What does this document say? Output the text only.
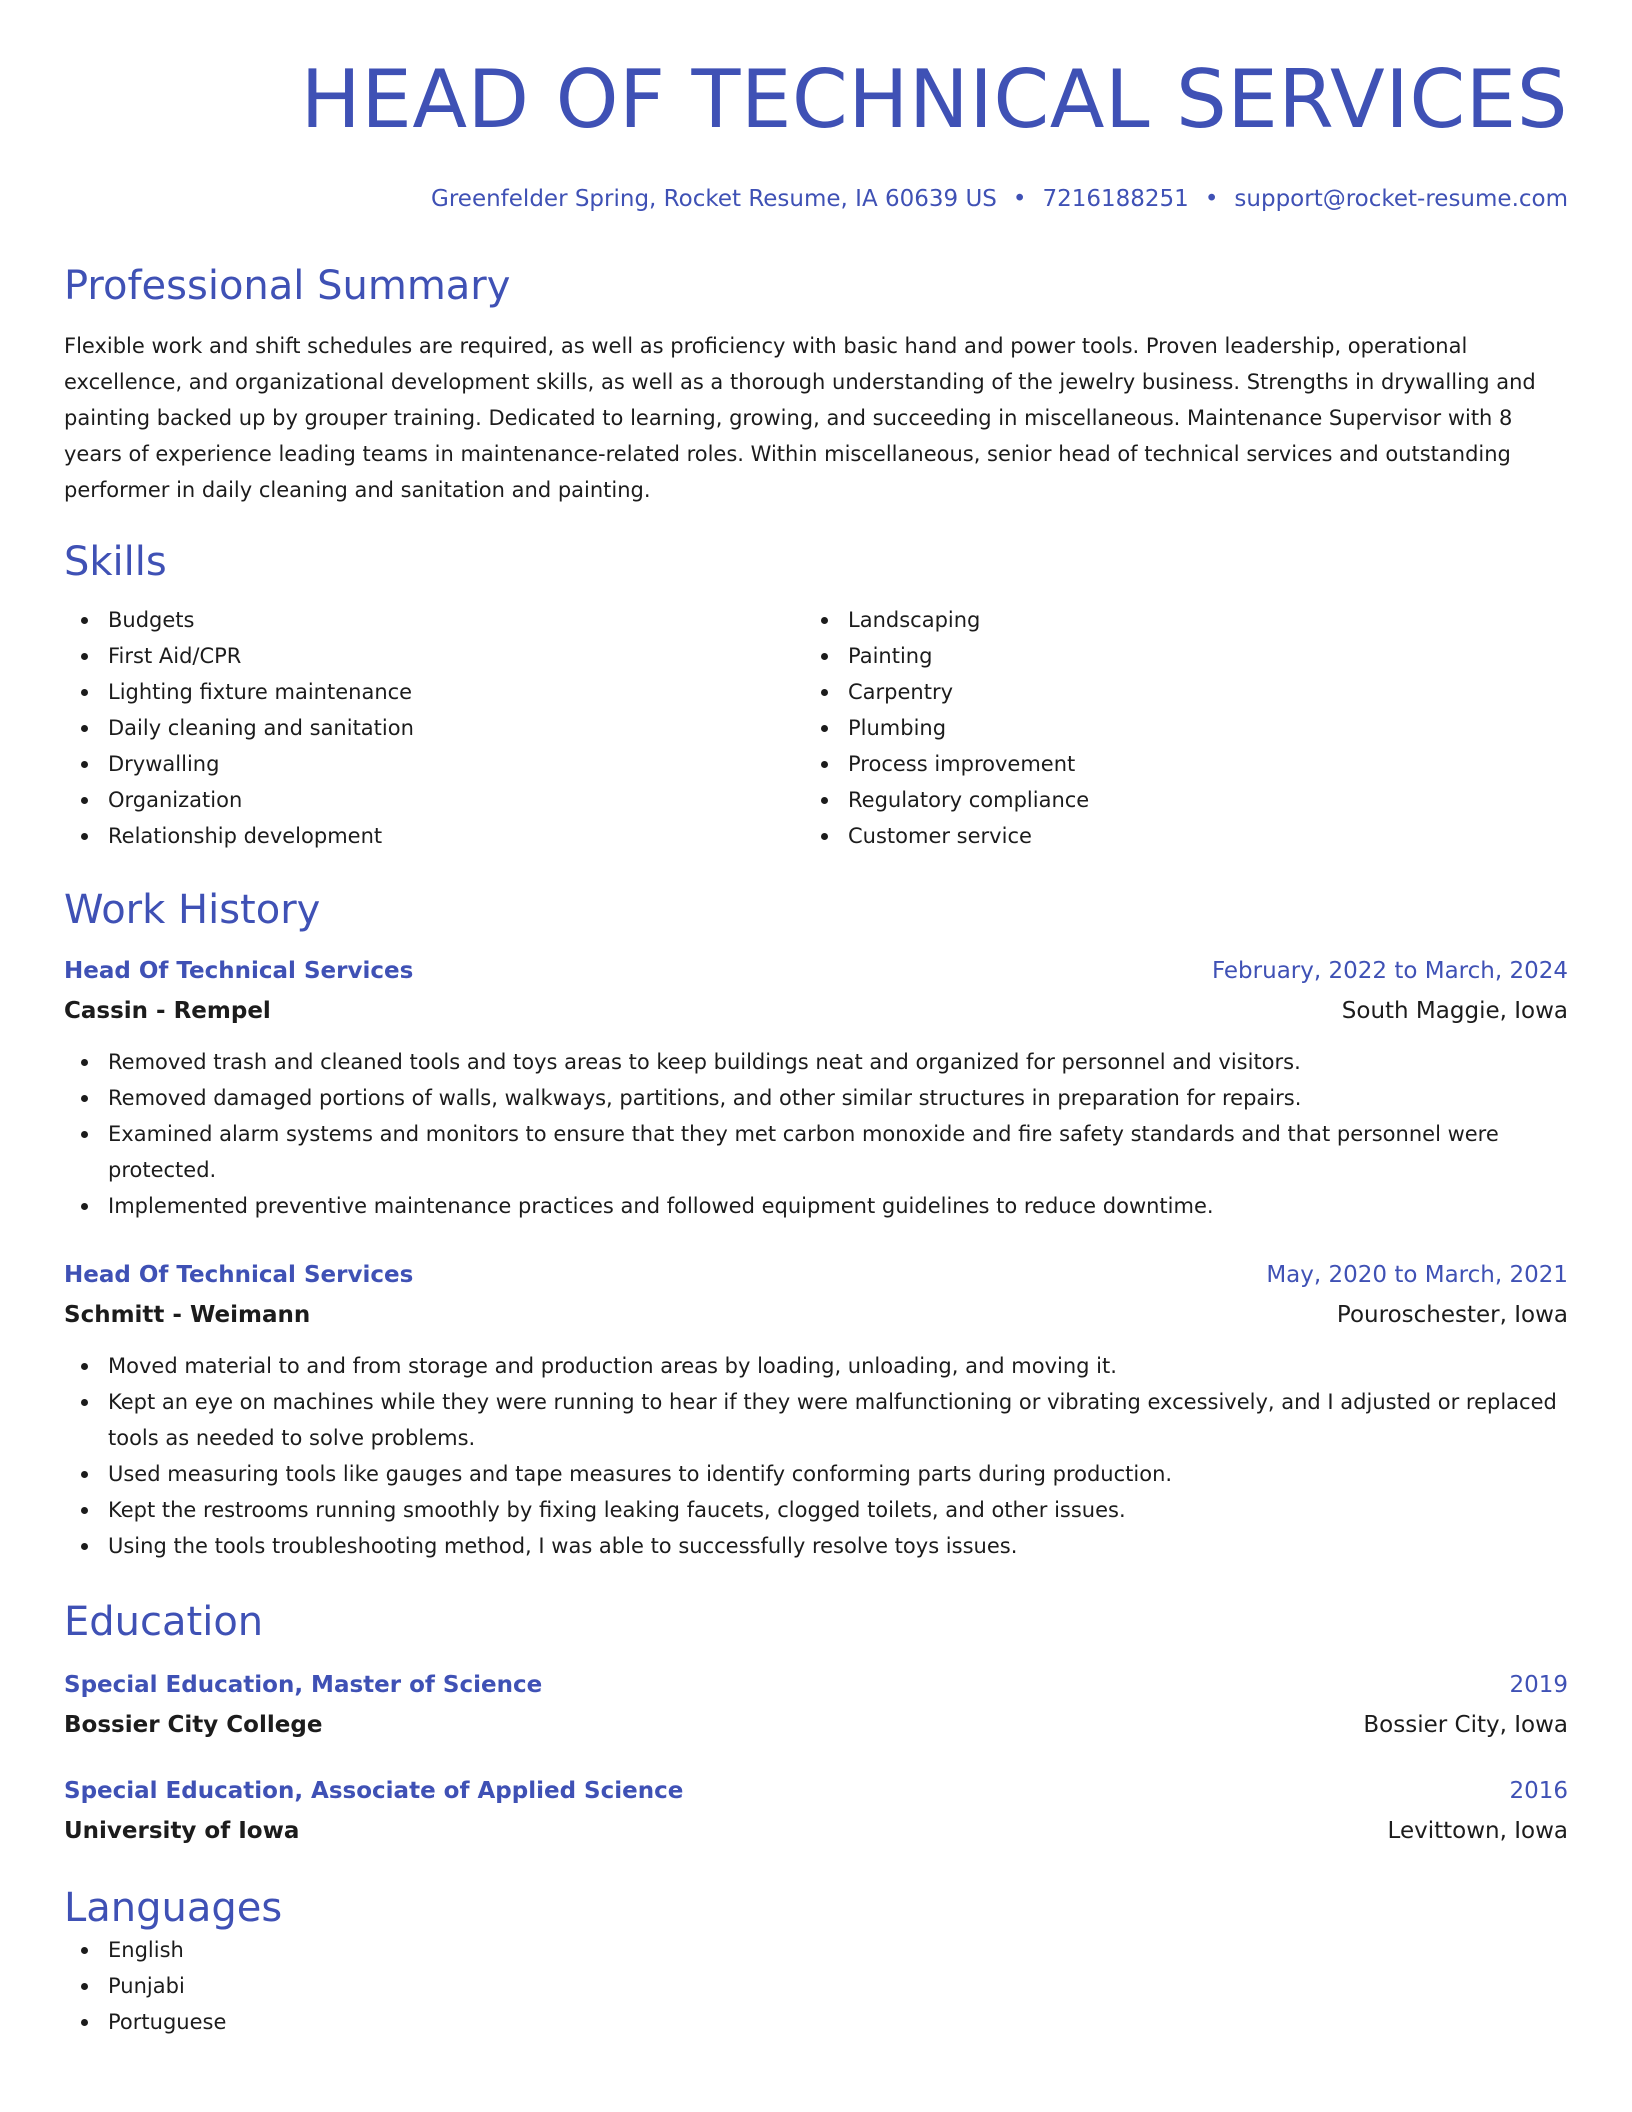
HEAD OF TECHNICAL SERVICES
Greenfelder Spring, Rocket Resume, IA 60639 US • 7216188251 • support@rocket-resume.com
Professional Summary
Flexible work and shift schedules are required, as well as proficiency with basic hand and power tools. Proven leadership, operational excellence, and organizational development skills, as well as a thorough understanding of the jewelry business. Strengths in drywalling and painting backed up by grouper training. Dedicated to learning, growing, and succeeding in miscellaneous. Maintenance Supervisor with 8 years of experience leading teams in maintenance-related roles. Within miscellaneous, senior head of technical services and outstanding performer in daily cleaning and sanitation and painting.
Skills
Budgets
First Aid/CPR
Lighting fixture maintenance
Daily cleaning and sanitation
Drywalling
Organization
Relationship development
Landscaping
Painting
Carpentry
Plumbing
Process improvement
Regulatory compliance
Customer service
Work History
Head Of Technical Services	February, 2022 to March, 2024
Cassin - Rempel	South Maggie, Iowa
Removed trash and cleaned tools and toys areas to keep buildings neat and organized for personnel and visitors.
Removed damaged portions of walls, walkways, partitions, and other similar structures in preparation for repairs.
Examined alarm systems and monitors to ensure that they met carbon monoxide and fire safety standards and that personnel were protected.
Implemented preventive maintenance practices and followed equipment guidelines to reduce downtime.
Head Of Technical Services	May, 2020 to March, 2021
Schmitt - Weimann	Pouroschester, Iowa
Moved material to and from storage and production areas by loading, unloading, and moving it.
Kept an eye on machines while they were running to hear if they were malfunctioning or vibrating excessively, and I adjusted or replaced tools as needed to solve problems.
Used measuring tools like gauges and tape measures to identify conforming parts during production.
Kept the restrooms running smoothly by fixing leaking faucets, clogged toilets, and other issues.
Using the tools troubleshooting method, I was able to successfully resolve toys issues.
Education
Special Education, Master of Science	2019
Bossier City College	Bossier City, Iowa
Special Education, Associate of Applied Science	2016
University of Iowa	Levittown, Iowa
Languages
English
Punjabi
Portuguese
